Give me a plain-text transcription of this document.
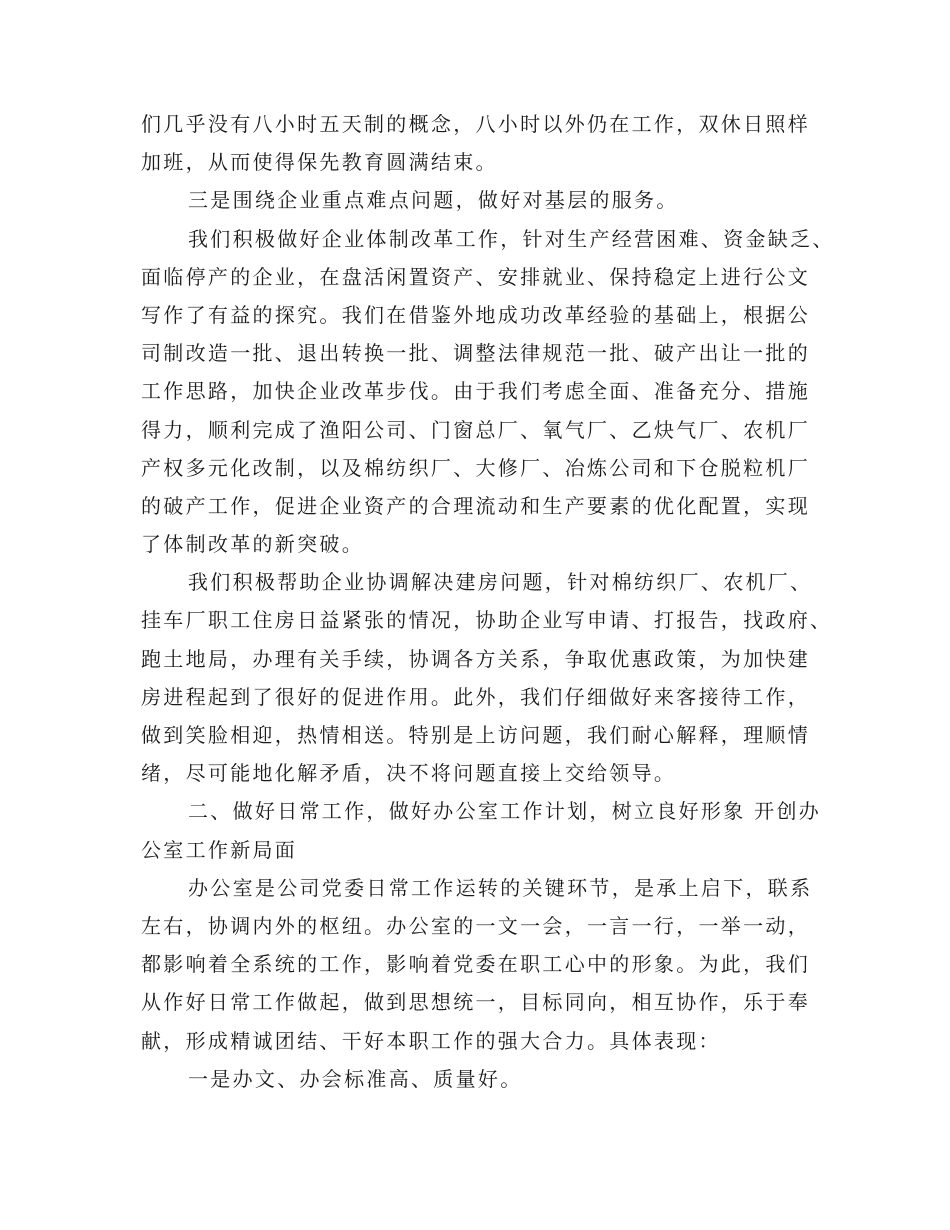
们几乎没有八小时五天制的概念，八小时以外仍在工作，双休日照样
加班，从而使得保先教育圆满结束。
三是围绕企业重点难点问题，做好对基层的服务。
我们积极做好企业体制改革工作，针对生产经营困难、资金缺乏、
面临停产的企业，在盘活闲置资产、安排就业、保持稳定上进行公文
写作了有益的探究。我们在借鉴外地成功改革经验的基础上，根据公
司制改造一批、退出转换一批、调整法律规范一批、破产出让一批的
工作思路，加快企业改革步伐。由于我们考虑全面、准备充分、措施
得力，顺利完成了渔阳公司、门窗总厂、氧气厂、乙炔气厂、农机厂
产权多元化改制，以及棉纺织厂、大修厂、冶炼公司和下仓脱粒机厂
的破产工作，促进企业资产的合理流动和生产要素的优化配置，实现
了体制改革的新突破。
我们积极帮助企业协调解决建房问题，针对棉纺织厂、农机厂、
挂车厂职工住房日益紧张的情况，协助企业写申请、打报告，找政府、
跑土地局，办理有关手续，协调各方关系，争取优惠政策，为加快建
房进程起到了很好的促进作用。此外，我们仔细做好来客接待工作，
做到笑脸相迎，热情相送。特别是上访问题，我们耐心解释，理顺情
绪，尽可能地化解矛盾，决不将问题直接上交给领导。
二、做好日常工作，做好办公室工作计划，树立良好形象 开创办
公室工作新局面
办公室是公司党委日常工作运转的关键环节，是承上启下，联系
左右，协调内外的枢纽。办公室的一文一会，一言一行，一举一动，
都影响着全系统的工作，影响着党委在职工心中的形象。为此，我们
从作好日常工作做起，做到思想统一，目标同向，相互协作，乐于奉
献，形成精诚团结、干好本职工作的强大合力。具体表现：
一是办文、办会标准高、质量好。
